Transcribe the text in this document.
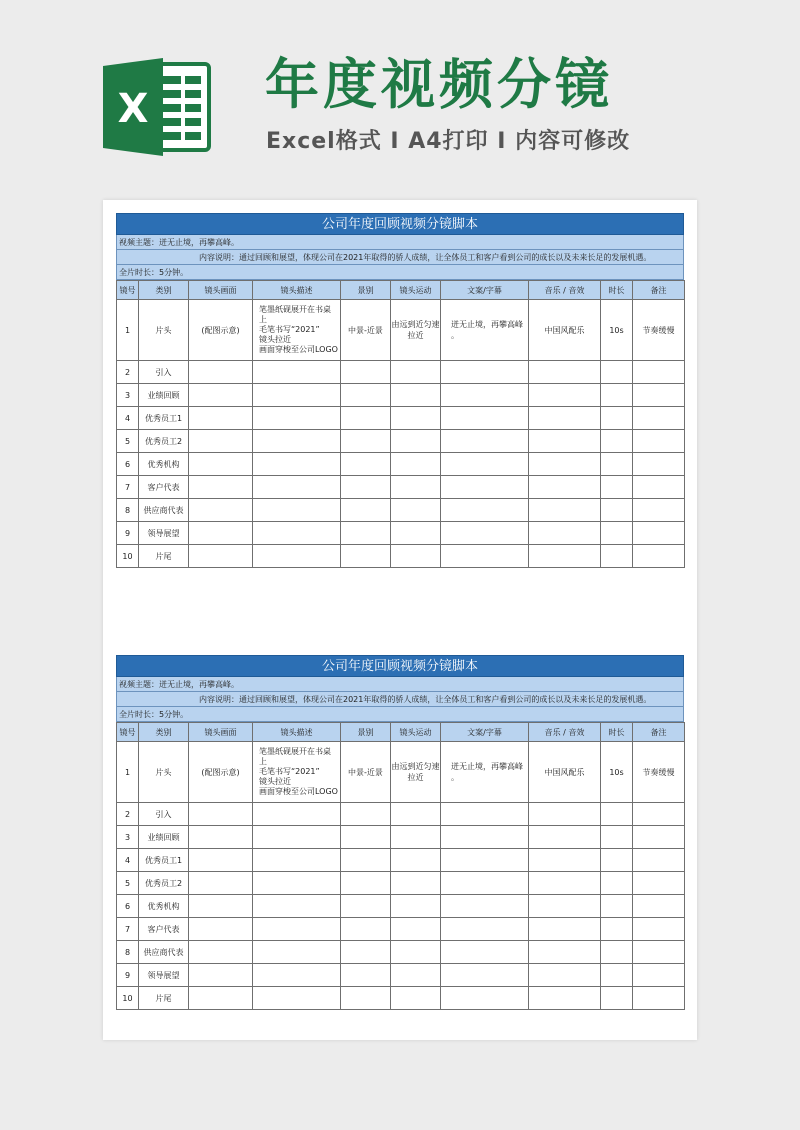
X 年度视频分镜

Excel格式 I A4打印 I 内容可修改

公司年度回顾视频分镜脚本
视频主题：迸无止境，再攀高峰。
内容说明：通过回顾和展望，体现公司在2021年取得的骄人成绩，让全体员工和客户看到公司的成长以及未来长足的发展机遇。
全片时长：5分钟。
镜号	类别	镜头画面	镜头描述	景别	镜头运动	文案/字幕	音乐 / 音效	时长	备注
1	片头	(配图示意)	笔墨纸砚展开在书桌
上
毛笔书写“2021”
镜头拉近
画面穿梭至公司LOGO	中景-近景	由远到近匀速
拉近	迸无止境，再攀高峰
。	中国风配乐	10s	节奏缓慢
2	引入								
3	业绩回顾								
4	优秀员工1								
5	优秀员工2								
6	优秀机构								
7	客户代表								
8	供应商代表								
9	领导展望								
10	片尾								
公司年度回顾视频分镜脚本
视频主题：迸无止境，再攀高峰。
内容说明：通过回顾和展望，体现公司在2021年取得的骄人成绩，让全体员工和客户看到公司的成长以及未来长足的发展机遇。
全片时长：5分钟。
镜号	类别	镜头画面	镜头描述	景别	镜头运动	文案/字幕	音乐 / 音效	时长	备注
1	片头	(配图示意)	笔墨纸砚展开在书桌
上
毛笔书写“2021”
镜头拉近
画面穿梭至公司LOGO	中景-近景	由远到近匀速
拉近	迸无止境，再攀高峰
。	中国风配乐	10s	节奏缓慢
2	引入								
3	业绩回顾								
4	优秀员工1								
5	优秀员工2								
6	优秀机构								
7	客户代表								
8	供应商代表								
9	领导展望								
10	片尾								
